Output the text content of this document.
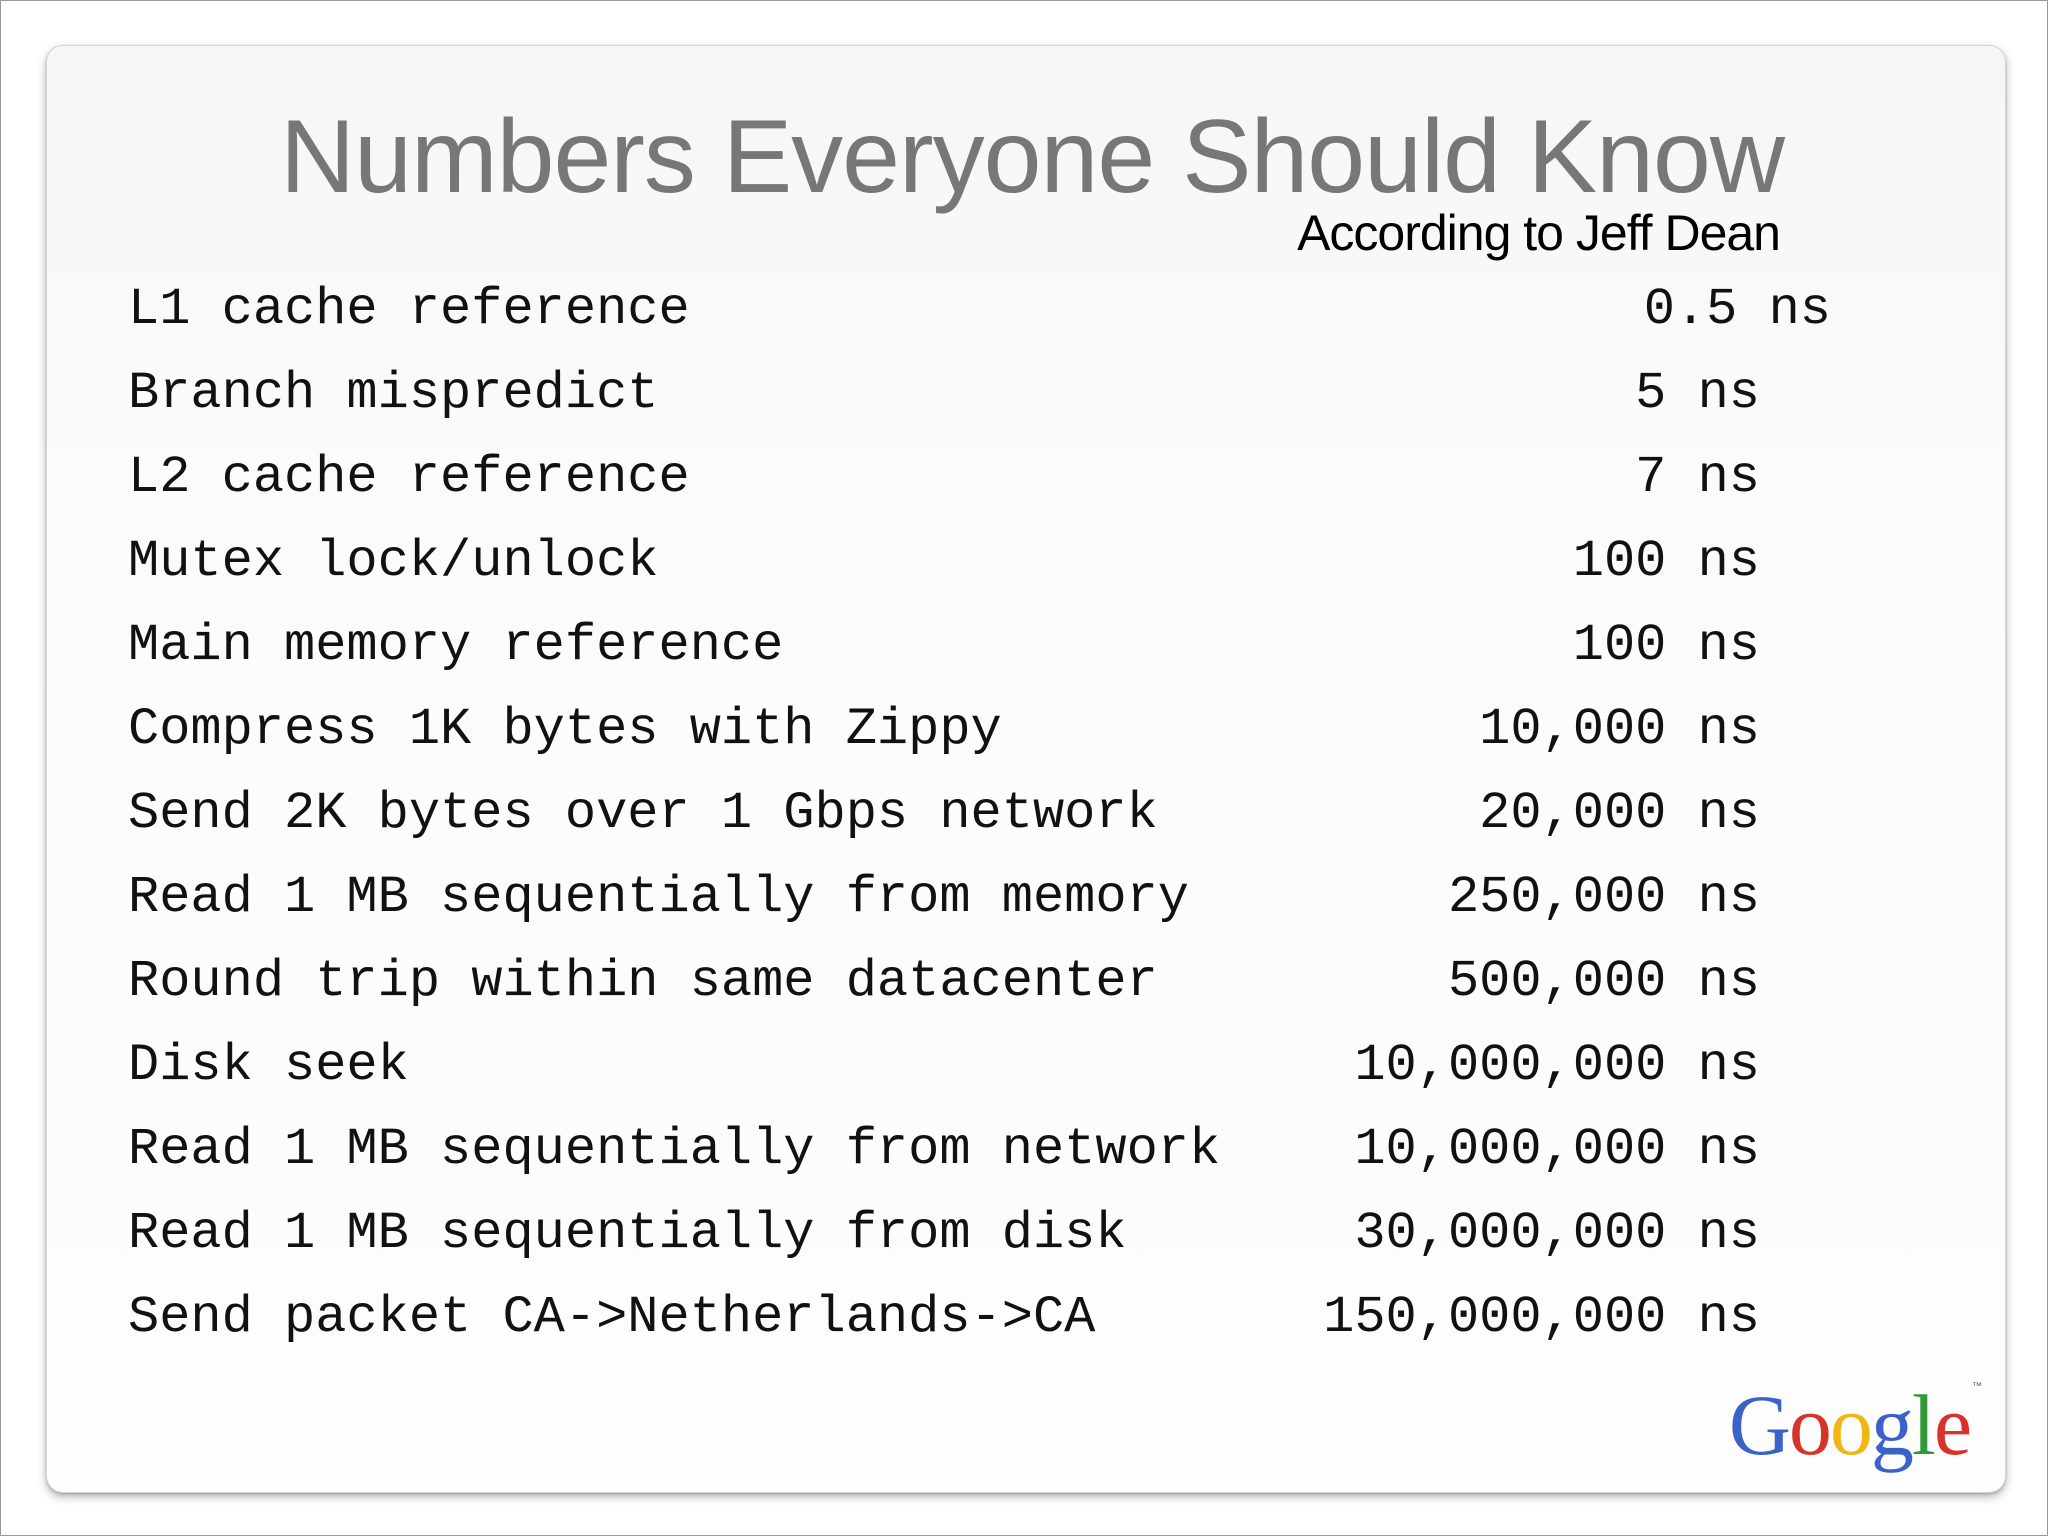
Numbers Everyone Should Know
According to Jeff Dean
L1 cache reference	0.5 ns
Branch mispredict	5 ns
L2 cache reference	7 ns
Mutex lock/unlock	100 ns
Main memory reference	100 ns
Compress 1K bytes with Zippy	10,000 ns
Send 2K bytes over 1 Gbps network	20,000 ns
Read 1 MB sequentially from memory	250,000 ns
Round trip within same datacenter	500,000 ns
Disk seek	10,000,000 ns
Read 1 MB sequentially from network	10,000,000 ns
Read 1 MB sequentially from disk	30,000,000 ns
Send packet CA->Netherlands->CA	150,000,000 ns
Google ™
